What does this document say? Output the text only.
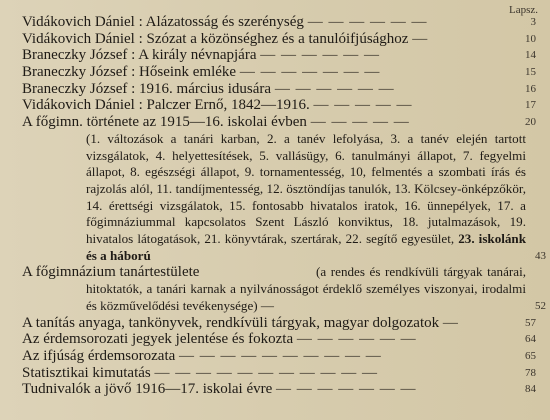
Lapsz.
Vidákovich Dániel : Alázatosság és szerénység — — — — — —	3
Vidákovich Dániel : Szózat a közönséghez és a tanulóifjúsághoz —	10
Braneczky József : A király névnapjára — — — — — —	14
Braneczky József : Hőseink emléke — — — — — — —	15
Braneczky József : 1916. március idusára — — — — — —	16
Vidákovich Dániel : Palczer Ernő, 1842—1916. — — — — —	17
A főgimn. története az 1915—16. iskolai évben — — — — —	20
(1. változások a tanári karban, 2. a tanév lefolyása, 3. a tanév elején tartott vizsgálatok, 4. helyettesítések, 5. vallásügy, 6. tanulmányi állapot, 7. fegyelmi állapot, 8. egészségi állapot, 9. tornamentesség, 10, felmentés a szombati írás és rajzolás alól, 11. tandíjmentesség, 12. ösztöndíjas tanulók, 13. Kölcsey-önképzőkör, 14. érettségi vizsgálatok, 15. fontosabb hivatalos iratok, 16. ünnepélyek, 17. a főgimnáziummal kapcsolatos Szent László konviktus, 18. jutalmazások, 19. hivatalos látogatások, 21. könyvtárak, szertárak, 22. segítő egyesület, 23. iskolánk és a háború	43
A főgimnázium tanártestülete	(a rendes és rendkívüli tárgyak tanárai, hitoktatók, a tanári karnak a nyilvánosságot érdeklő személyes viszonyai, irodalmi és közművelődési tevékenysége) —	52
A tanítás anyaga, tankönyvek, rendkívüli tárgyak, magyar dolgozatok —	57
Az érdemsorozati jegyek jelentése és fokozta — — — — — —	64
Az ifjúság érdemsorozata — — — — — — — — — —	65
Statisztikai kimutatás — — — — — — — — — — —	78
Tudnivalók a jövő 1916—17. iskolai évre — — — — — — —	84
